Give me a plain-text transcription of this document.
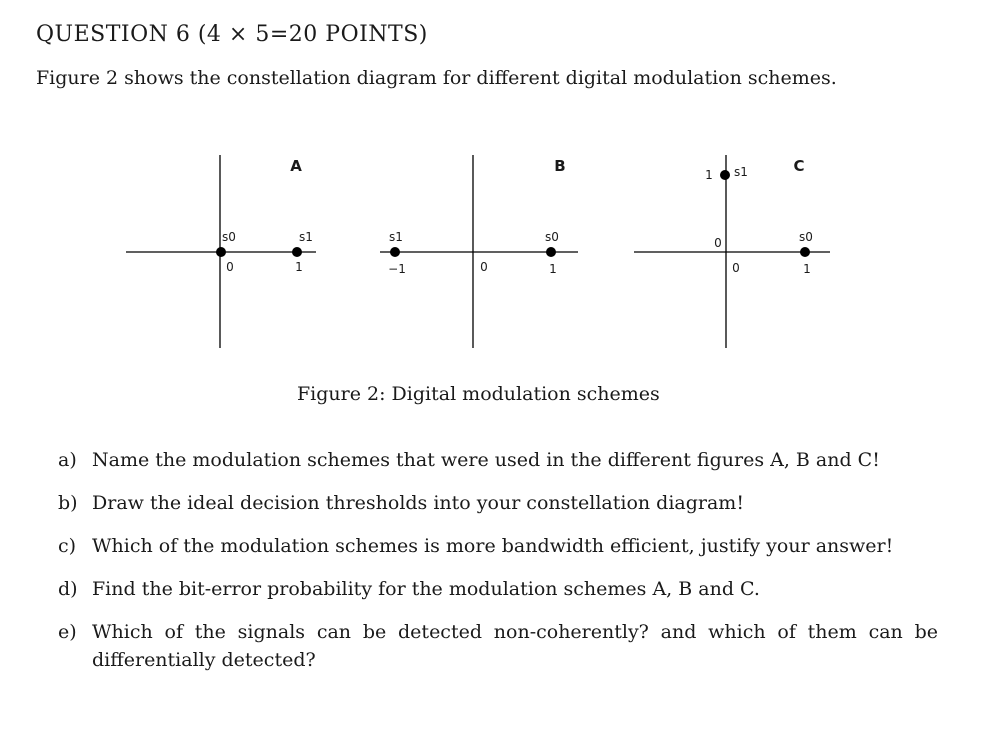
QUESTION 6 (4 × 5=20 POINTS)
Figure 2 shows the constellation diagram for different digital modulation schemes.
A
s0	s1
0	1
B
s1	s0
−1	1
0
C
s1
1
s0
1
0
0
Figure 2: Digital modulation schemes
a) Name the modulation schemes that were used in the different figures A, B and C!
b) Draw the ideal decision thresholds into your constellation diagram!
c) Which of the modulation schemes is more bandwidth efficient, justify your answer!
d) Find the bit-error probability for the modulation schemes A, B and C.
e) Which of the signals can be detected non-coherently? and which of them can be differentially detected?
